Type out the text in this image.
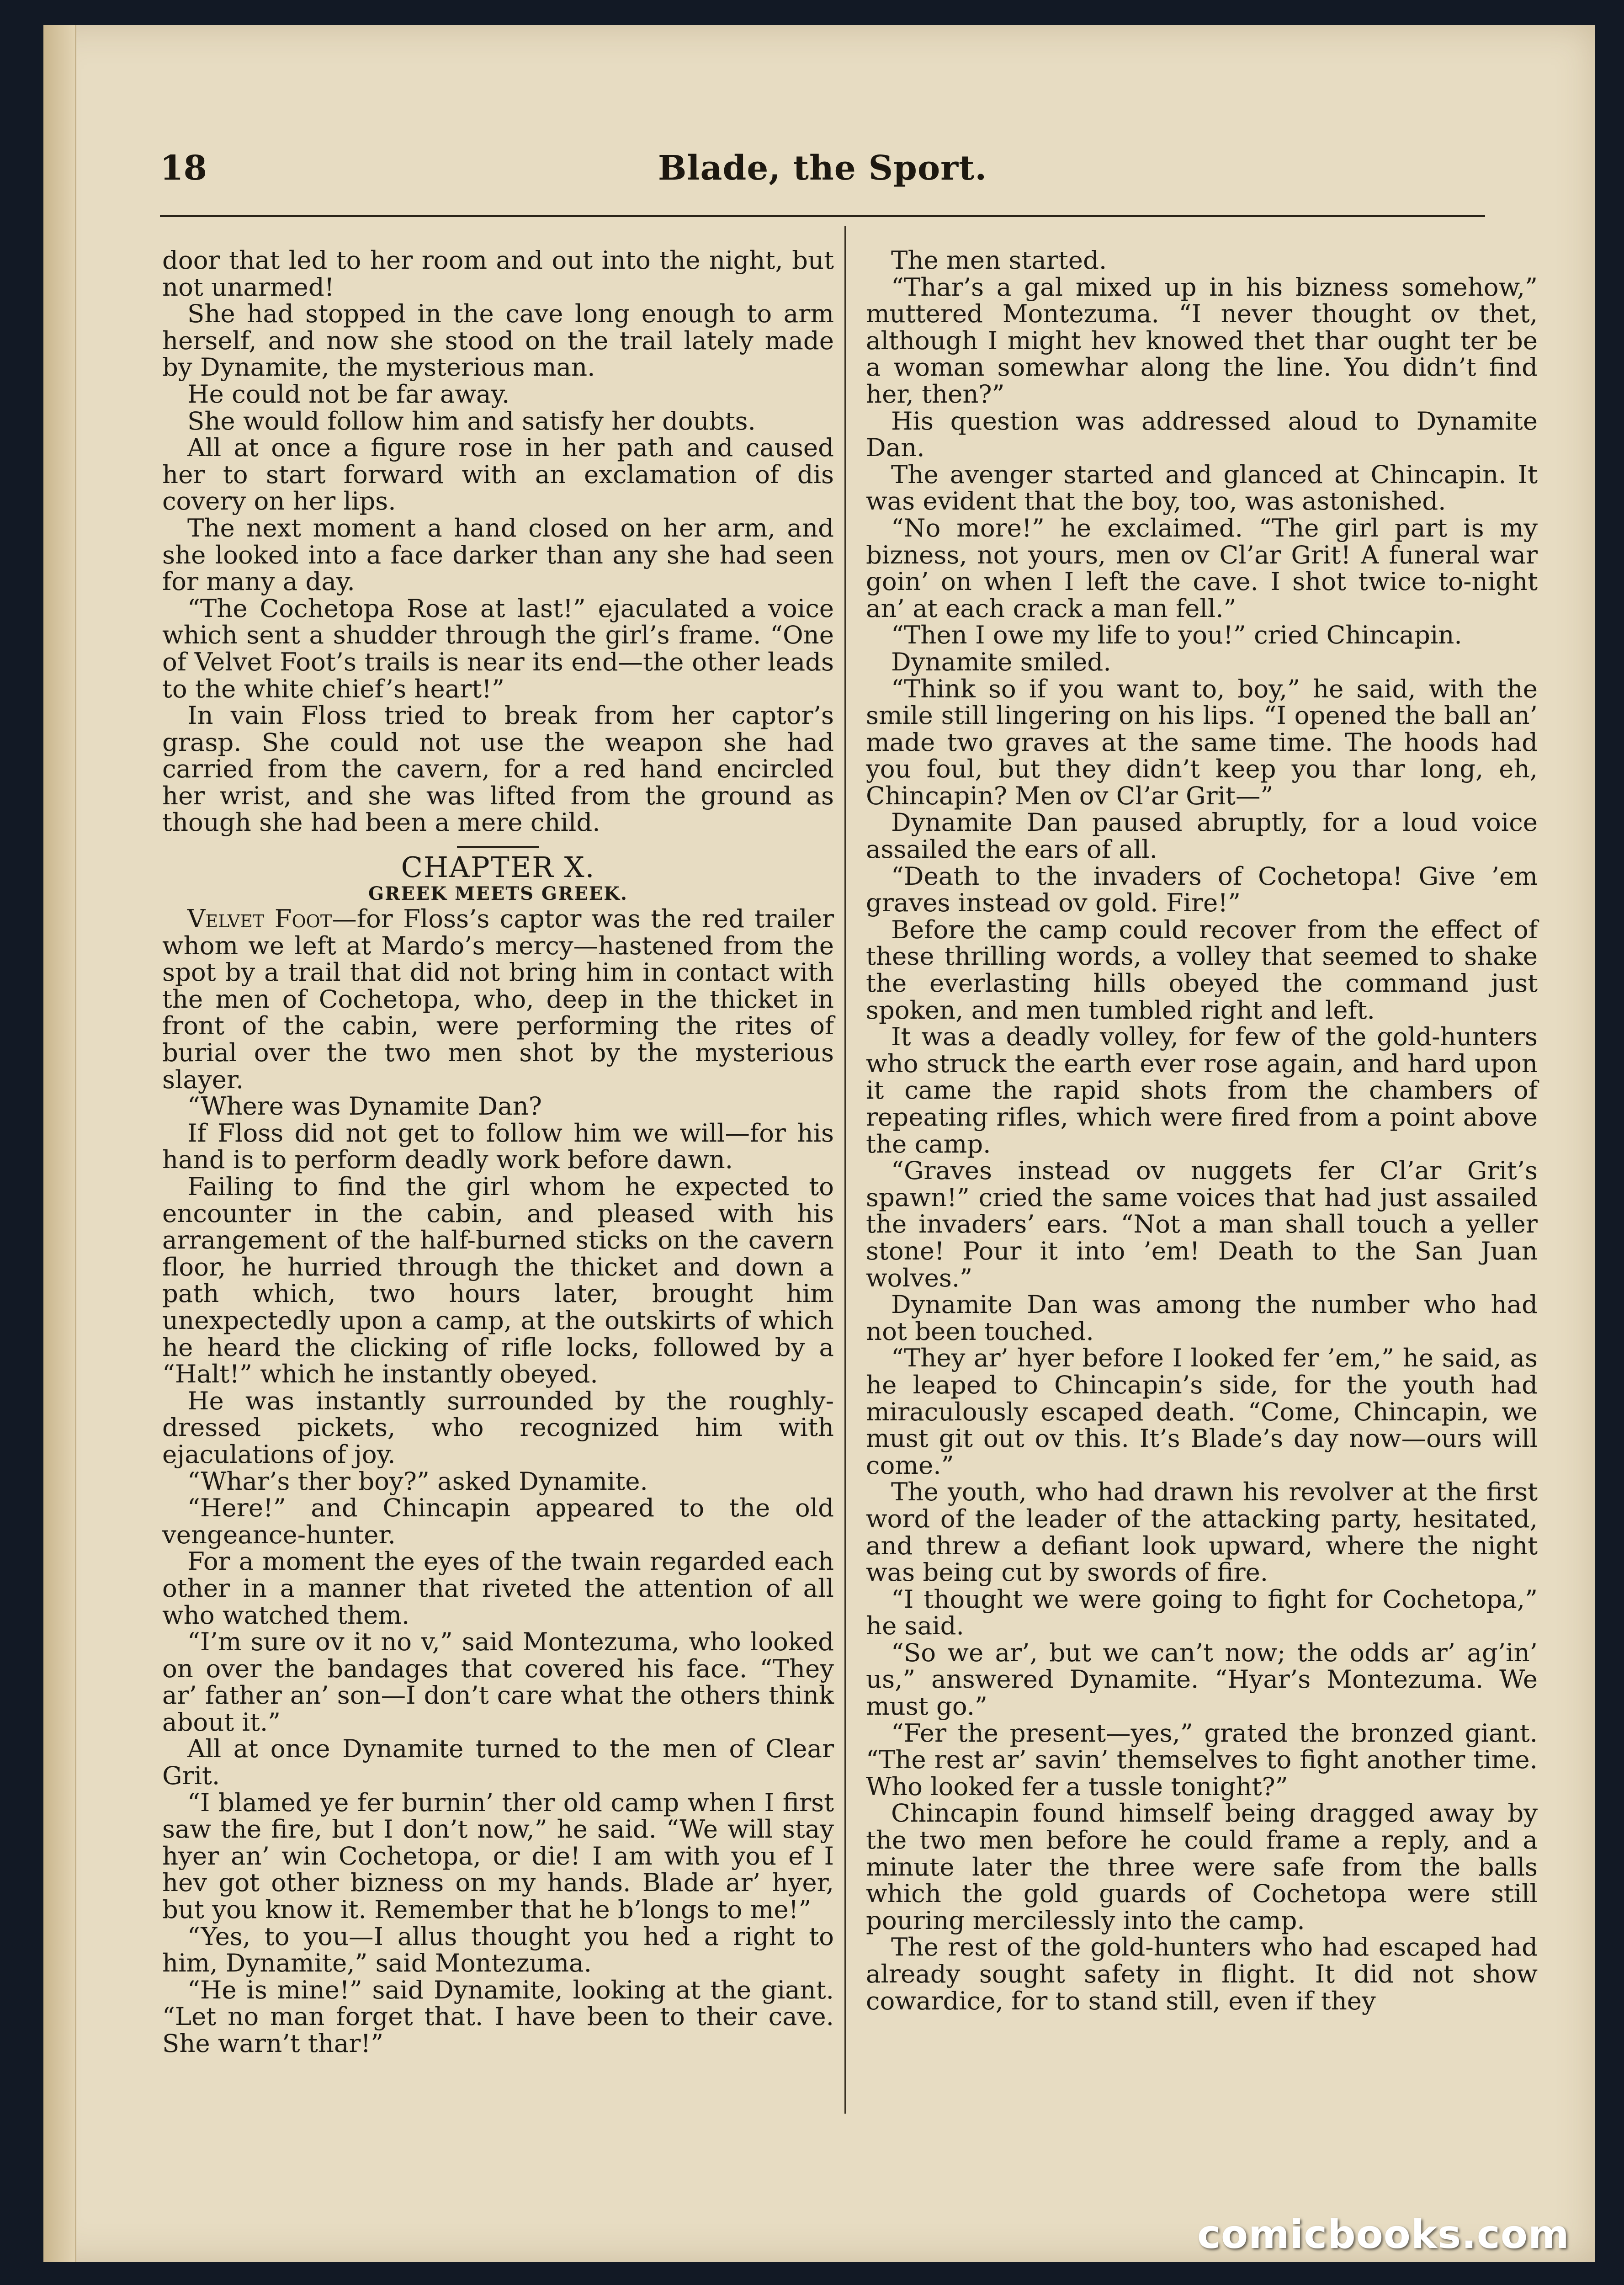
18	Blade, the Sport.

door that led to her room and out into the night, but not unarmed!

She had stopped in the cave long enough to arm herself, and now she stood on the trail lately made by Dynamite, the mysterious man.

He could not be far away.

She would follow him and satisfy her doubts.

All at once a figure rose in her path and caused her to start forward with an exclamation of dis covery on her lips.

The next moment a hand closed on her arm, and she looked into a face darker than any she had seen for many a day.

“The Cochetopa Rose at last!” ejaculated a voice which sent a shudder through the girl’s frame. “One of Velvet Foot’s trails is near its end—the other leads to the white chief’s heart!”

In vain Floss tried to break from her captor’s grasp. She could not use the weapon she had carried from the cavern, for a red hand encircled her wrist, and she was lifted from the ground as though she had been a mere child.

CHAPTER X.

GREEK MEETS GREEK.

Velvet Foot—for Floss’s captor was the red trailer whom we left at Mardo’s mercy—hastened from the spot by a trail that did not bring him in contact with the men of Cochetopa, who, deep in the thicket in front of the cabin, were performing the rites of burial over the two men shot by the mysterious slayer.

“Where was Dynamite Dan?

If Floss did not get to follow him we will—for his hand is to perform deadly work before dawn.

Failing to find the girl whom he expected to encounter in the cabin, and pleased with his arrangement of the half-burned sticks on the cavern floor, he hurried through the thicket and down a path which, two hours later, brought him unexpectedly upon a camp, at the outskirts of which he heard the clicking of rifle locks, followed by a “Halt!” which he instantly obeyed.

He was instantly surrounded by the roughly-dressed pickets, who recognized him with ejaculations of joy.

“Whar’s ther boy?” asked Dynamite.

“Here!” and Chincapin appeared to the old vengeance-hunter.

For a moment the eyes of the twain regarded each other in a manner that riveted the attention of all who watched them.

“I’m sure ov it no v,” said Montezuma, who looked on over the bandages that covered his face. “They ar’ father an’ son—I don’t care what the others think about it.”

All at once Dynamite turned to the men of Clear Grit.

“I blamed ye fer burnin’ ther old camp when I first saw the fire, but I don’t now,” he said. “We will stay hyer an’ win Cochetopa, or die! I am with you ef I hev got other bizness on my hands. Blade ar’ hyer, but you know it. Remember that he b’longs to me!”

“Yes, to you—I allus thought you hed a right to him, Dynamite,” said Montezuma.

“He is mine!” said Dynamite, looking at the giant. “Let no man forget that. I have been to their cave. She warn’t thar!”

The men started.

“Thar’s a gal mixed up in his bizness somehow,” muttered Montezuma. “I never thought ov thet, although I might hev knowed thet thar ought ter be a woman somewhar along the line. You didn’t find her, then?”

His question was addressed aloud to Dynamite Dan.

The avenger started and glanced at Chincapin. It was evident that the boy, too, was astonished.

“No more!” he exclaimed. “The girl part is my bizness, not yours, men ov Cl’ar Grit! A funeral war goin’ on when I left the cave. I shot twice to-night an’ at each crack a man fell.”

“Then I owe my life to you!” cried Chincapin.

Dynamite smiled.

“Think so if you want to, boy,” he said, with the smile still lingering on his lips. “I opened the ball an’ made two graves at the same time. The hoods had you foul, but they didn’t keep you thar long, eh, Chincapin? Men ov Cl’ar Grit—”

Dynamite Dan paused abruptly, for a loud voice assailed the ears of all.

“Death to the invaders of Cochetopa! Give ’em graves instead ov gold. Fire!”

Before the camp could recover from the effect of these thrilling words, a volley that seemed to shake the everlasting hills obeyed the command just spoken, and men tumbled right and left.

It was a deadly volley, for few of the gold-hunters who struck the earth ever rose again, and hard upon it came the rapid shots from the chambers of repeating rifles, which were fired from a point above the camp.

“Graves instead ov nuggets fer Cl’ar Grit’s spawn!” cried the same voices that had just assailed the invaders’ ears. “Not a man shall touch a yeller stone! Pour it into ’em! Death to the San Juan wolves.”

Dynamite Dan was among the number who had not been touched.

“They ar’ hyer before I looked fer ’em,” he said, as he leaped to Chincapin’s side, for the youth had miraculously escaped death. “Come, Chincapin, we must git out ov this. It’s Blade’s day now—ours will come.”

The youth, who had drawn his revolver at the first word of the leader of the attacking party, hesitated, and threw a defiant look upward, where the night was being cut by swords of fire.

“I thought we were going to fight for Cochetopa,” he said.

“So we ar’, but we can’t now; the odds ar’ ag’in’ us,” answered Dynamite. “Hyar’s Montezuma. We must go.”

“Fer the present—yes,” grated the bronzed giant. “The rest ar’ savin’ themselves to fight another time. Who looked fer a tussle tonight?”

Chincapin found himself being dragged away by the two men before he could frame a reply, and a minute later the three were safe from the balls which the gold guards of Cochetopa were still pouring mercilessly into the camp.

The rest of the gold-hunters who had escaped had already sought safety in flight. It did not show cowardice, for to stand still, even if they

comicbooks.com
